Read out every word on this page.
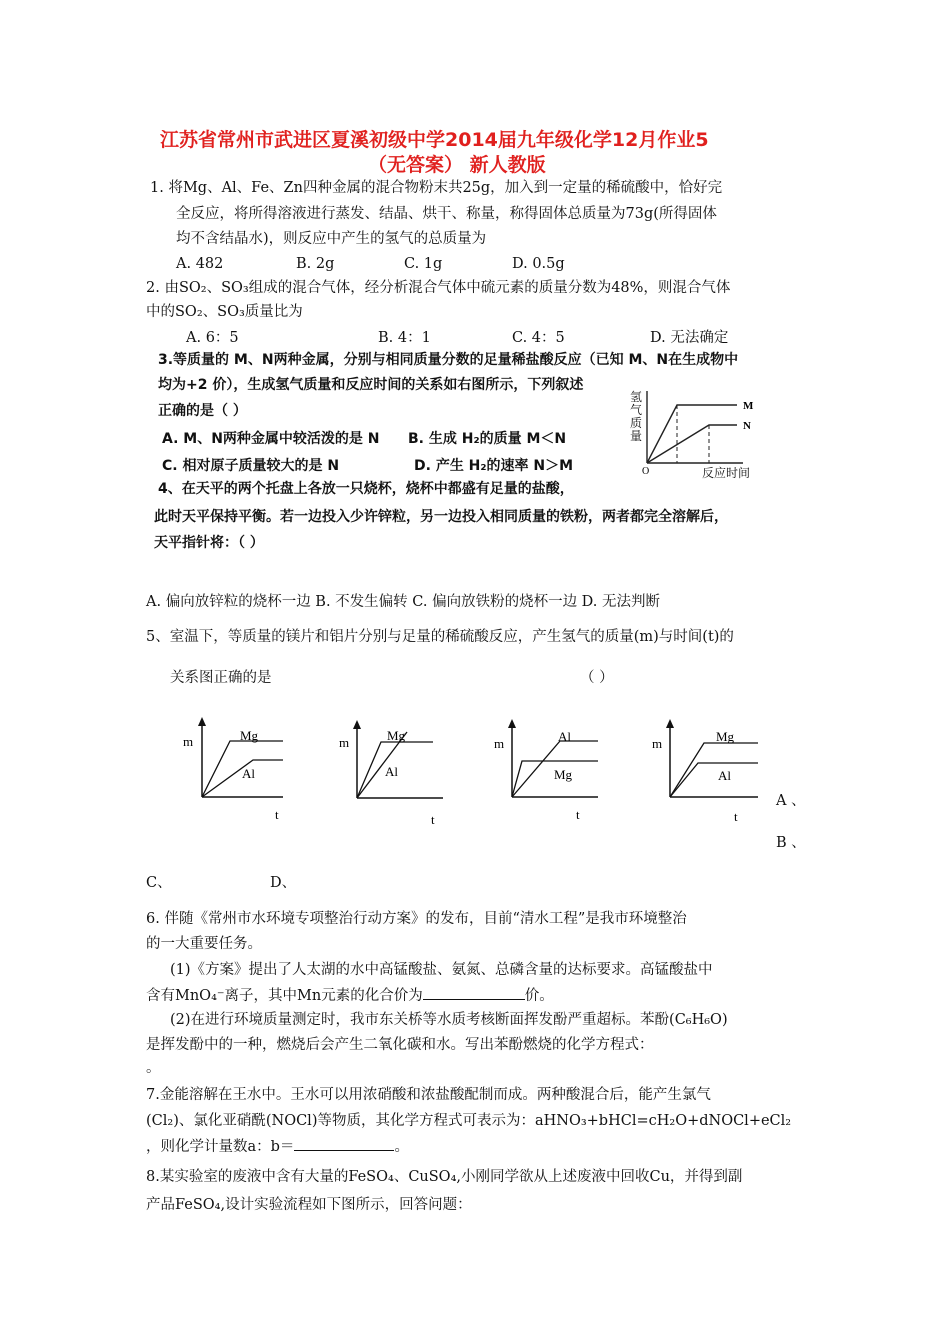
江苏省常州市武进区夏溪初级中学2014届九年级化学12月作业5
（无答案） 新人教版
1. 将Mg、Al、Fe、Zn四种金属的混合物粉末共25g，加入到一定量的稀硫酸中，恰好完
全反应，将所得溶液进行蒸发、结晶、烘干、称量，称得固体总质量为73g(所得固体
均不含结晶水)，则反应中产生的氢气的总质量为
A. 482	B. 2g	C. 1g	D. 0.5g
2. 由SO₂、SO₃组成的混合气体，经分析混合气体中硫元素的质量分数为48%，则混合气体
中的SO₂、SO₃质量比为
A. 6：5	B. 4：1	C. 4：5	D. 无法确定
3.等质量的 M、N两种金属，分别与相同质量分数的足量稀盐酸反应（已知 M、N在生成物中
均为+2 价），生成氢气质量和反应时间的关系如右图所示，下列叙述
正确的是（ ）
A. M、N两种金属中较活泼的是 N B. 生成 H₂的质量 M＜N
C. 相对原子质量较大的是 N	D. 产生 H₂的速率 N＞M
M
N
O
氢气质量
反应时间
4、在天平的两个托盘上各放一只烧杯，烧杯中都盛有足量的盐酸，
此时天平保持平衡。若一边投入少许锌粒，另一边投入相同质量的铁粉，两者都完全溶解后，
天平指针将：（ ）
A. 偏向放锌粒的烧杯一边 B. 不发生偏转 C. 偏向放铁粉的烧杯一边 D. 无法判断
5、室温下，等质量的镁片和铝片分别与足量的稀硫酸反应，产生氢气的质量(m)与时间(t)的
关系图正确的是	（ ）
m	Mg
Al
t
m	Mg
Al
t
m	Al
Mg
t
m	Mg
Al
t
A 、
B 、
C、	D、
6. 伴随《常州市水环境专项整治行动方案》的发布，目前“清水工程”是我市环境整治
的一大重要任务。
(1)《方案》提出了人太湖的水中高锰酸盐、氨氮、总磷含量的达标要求。高锰酸盐中
含有MnO₄⁻离子，其中Mn元素的化合价为	价。
(2)在进行环境质量测定时，我市东关桥等水质考核断面挥发酚严重超标。苯酚(C₆H₆O)
是挥发酚中的一种，燃烧后会产生二氧化碳和水。写出苯酚燃烧的化学方程式：
。
7.金能溶解在王水中。王水可以用浓硝酸和浓盐酸配制而成。两种酸混合后，能产生氯气
(Cl₂)、氯化亚硝酰(NOCl)等物质，其化学方程式可表示为：aHNO₃+bHCl=cH₂O+dNOCl+eCl₂
，则化学计量数a：b＝	。
8.某实验室的废液中含有大量的FeSO₄、CuSO₄,小刚同学欲从上述废液中回收Cu，并得到副
产品FeSO₄,设计实验流程如下图所示，回答问题：
